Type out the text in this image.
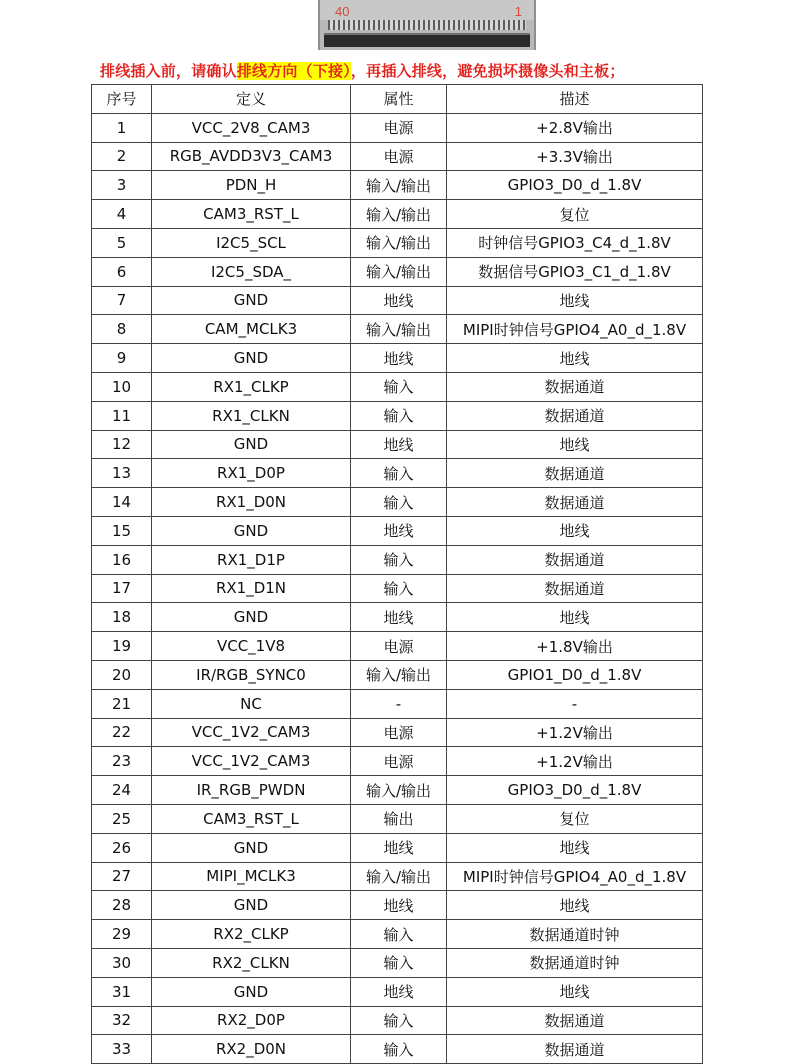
40	1
排线插入前，请确认排线方向（下接），再插入排线，避免损坏摄像头和主板；
序号	定义	属性	描述
1	VCC_2V8_CAM3	电源	+2.8V输出
2	RGB_AVDD3V3_CAM3	电源	+3.3V输出
3	PDN_H	输入/输出	GPIO3_D0_d_1.8V
4	CAM3_RST_L	输入/输出	复位
5	I2C5_SCL	输入/输出	时钟信号GPIO3_C4_d_1.8V
6	I2C5_SDA_	输入/输出	数据信号GPIO3_C1_d_1.8V
7	GND	地线	地线
8	CAM_MCLK3	输入/输出	MIPI时钟信号GPIO4_A0_d_1.8V
9	GND	地线	地线
10	RX1_CLKP	输入	数据通道
11	RX1_CLKN	输入	数据通道
12	GND	地线	地线
13	RX1_D0P	输入	数据通道
14	RX1_D0N	输入	数据通道
15	GND	地线	地线
16	RX1_D1P	输入	数据通道
17	RX1_D1N	输入	数据通道
18	GND	地线	地线
19	VCC_1V8	电源	+1.8V输出
20	IR/RGB_SYNC0	输入/输出	GPIO1_D0_d_1.8V
21	NC	-	-
22	VCC_1V2_CAM3	电源	+1.2V输出
23	VCC_1V2_CAM3	电源	+1.2V输出
24	IR_RGB_PWDN	输入/输出	GPIO3_D0_d_1.8V
25	CAM3_RST_L	输出	复位
26	GND	地线	地线
27	MIPI_MCLK3	输入/输出	MIPI时钟信号GPIO4_A0_d_1.8V
28	GND	地线	地线
29	RX2_CLKP	输入	数据通道时钟
30	RX2_CLKN	输入	数据通道时钟
31	GND	地线	地线
32	RX2_D0P	输入	数据通道
33	RX2_D0N	输入	数据通道
